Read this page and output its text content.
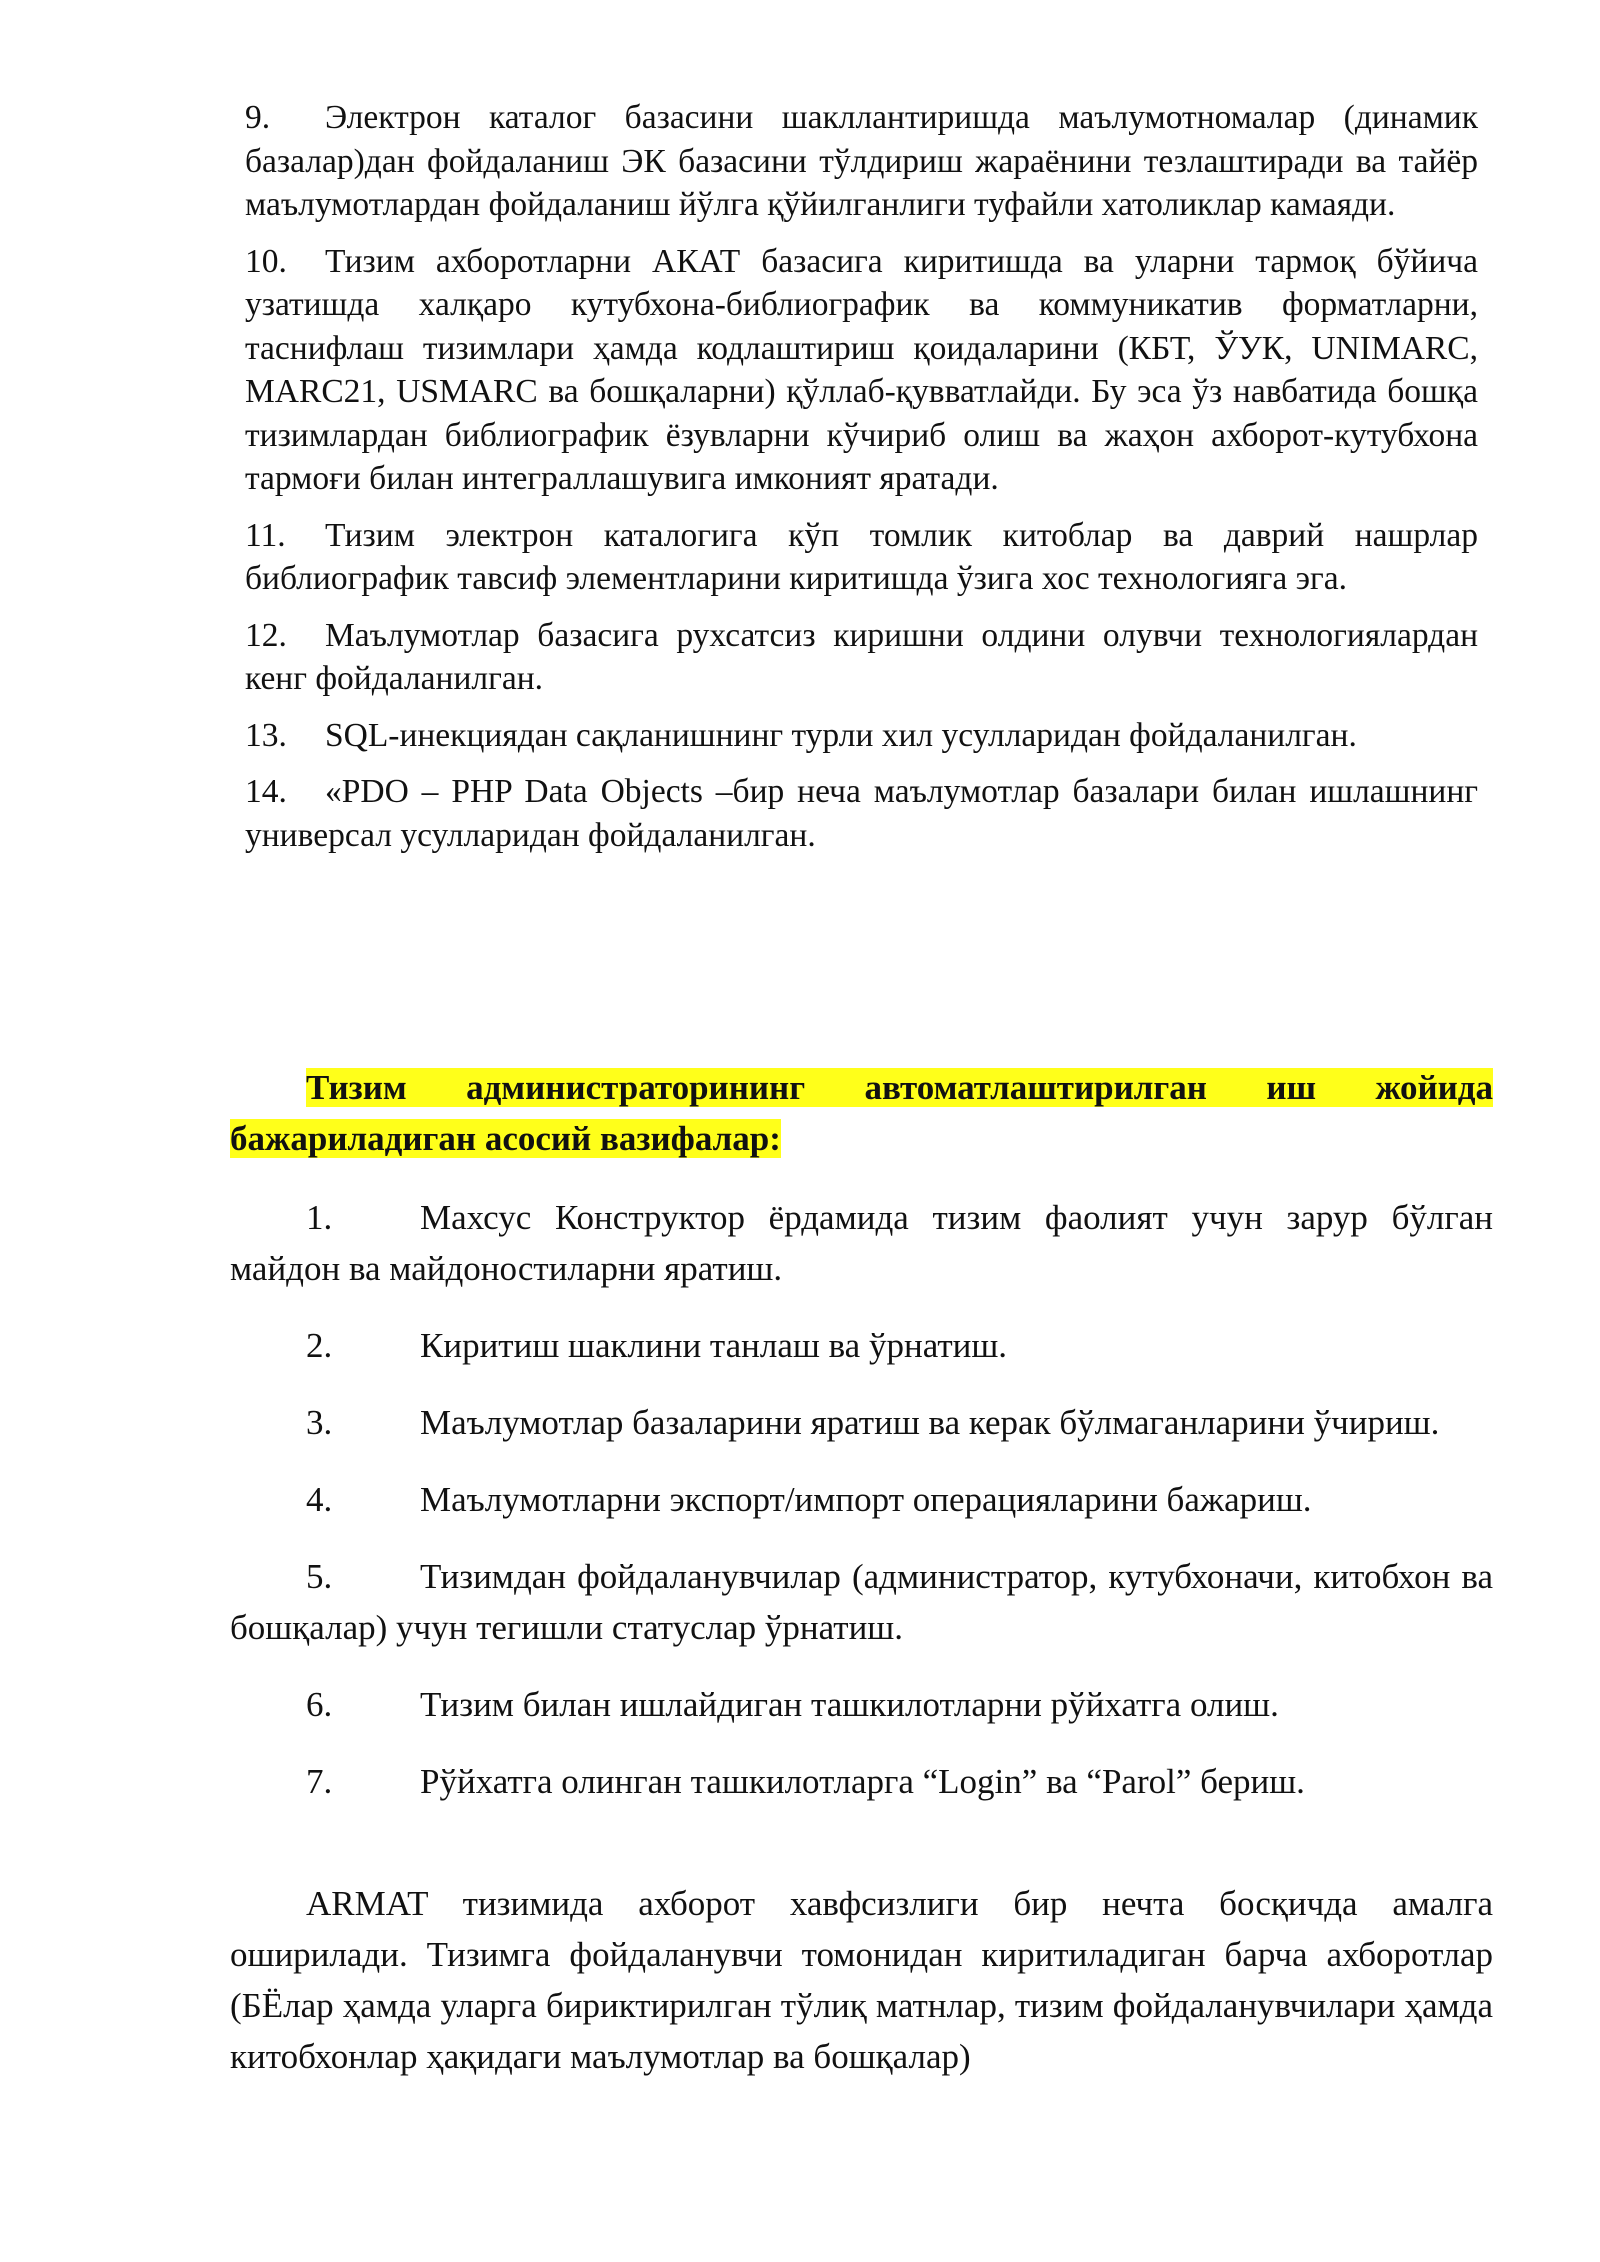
9. Электрон каталог базасини шакллантиришда маълумотномалар (динамик базалар)дан фойдаланиш ЭК базасини тўлдириш жараёнини тезлаштиради ва тайёр маълумотлардан фойдаланиш йўлга қўйилганлиги туфайли хатоликлар камаяди.
10. Тизим ахборотларни АКАТ базасига киритишда ва уларни тармоқ бўйича узатишда халқаро кутубхона-библиографик ва коммуникатив форматларни, таснифлаш тизимлари ҳамда кодлаштириш қоидаларини (КБТ, ЎУК, UNIMARC, MARC21, USMARC ва бошқаларни) қўллаб-қувватлайди. Бу эса ўз навбатида бошқа тизимлардан библиографик ёзувларни кўчириб олиш ва жаҳон ахборот-кутубхона тармоғи билан интеграллашувига имконият яратади.
11. Тизим электрон каталогига кўп томлик китоблар ва даврий нашрлар библиографик тавсиф элементларини киритишда ўзига хос технологияга эга.
12. Маълумотлар базасига рухсатсиз киришни олдини олувчи технологиялардан кенг фойдаланилган.
13. SQL-инекциядан сақланишнинг турли хил усулларидан фойдаланилган.
14. «PDO – PHP Data Objects –бир неча маълумотлар базалари билан ишлашнинг универсал усулларидан фойдаланилган.
Тизим администраторининг автоматлаштирилган иш жойида бажариладиган асосий вазифалар:
1.	Махсус Конструктор ёрдамида тизим фаолият учун зарур бўлган майдон ва майдоностиларни яратиш.
2.	Киритиш шаклини танлаш ва ўрнатиш.
3.	Маълумотлар базаларини яратиш ва керак бўлмаганларини ўчириш.
4.	Маълумотларни экспорт/импорт операцияларини бажариш.
5.	Тизимдан фойдаланувчилар (администратор, кутубхоначи, китобхон ва бошқалар) учун тегишли статуслар ўрнатиш.
6.	Тизим билан ишлайдиган ташкилотларни рўйхатга олиш.
7.	Рўйхатга олинган ташкилотларга “Login” ва “Parol” бериш.
ARMAT тизимида ахборот хавфсизлиги бир нечта босқичда амалга оширилади. Тизимга фойдаланувчи томонидан киритиладиган барча ахборотлар (БЁлар ҳамда уларга бириктирилган тўлиқ матнлар, тизим фойдаланувчилари ҳамда китобхонлар ҳақидаги маълумотлар ва бошқалар)
